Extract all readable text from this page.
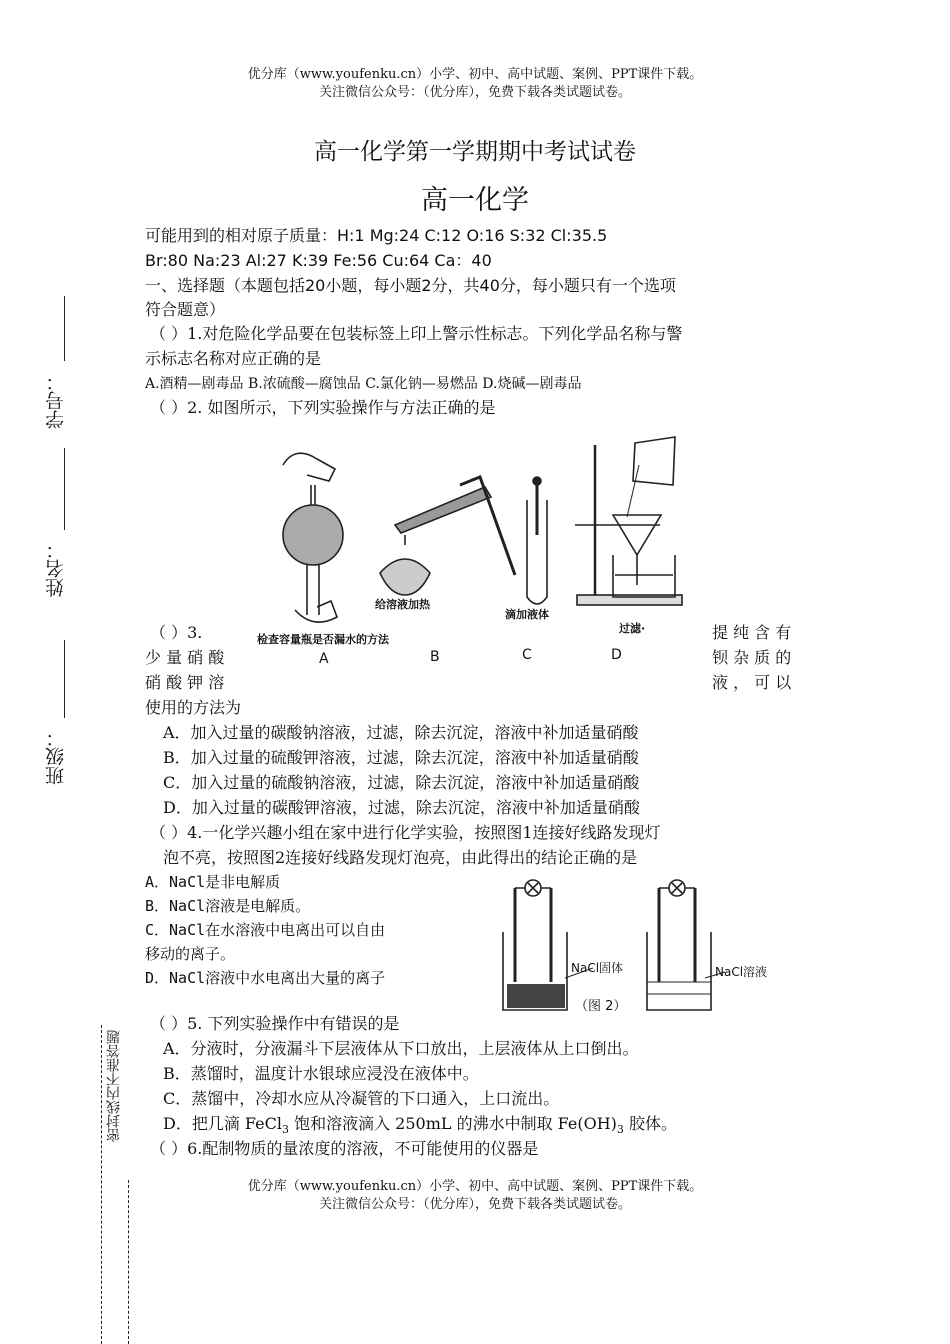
优分库（www.youfenku.cn）小学、初中、高中试题、案例、PPT课件下载。
关注微信公众号：（优分库），免费下载各类试题试卷。
高一化学第一学期期中考试试卷
高一化学
可能用到的相对原子质量：H:1 Mg:24 C:12 O:16 S:32 Cl:35.5
Br:80 Na:23 Al:27 K:39 Fe:56 Cu:64 Ca：40
一、选择题（本题包括20小题，每小题2分，共40分，每小题只有一个选项
符合题意）
学号：
姓名：
班级：
密封线内不准答题
（ ）1.对危险化学品要在包装标签上印上警示性标志。下列化学品名称与警
示标志名称对应正确的是
A.酒精—剧毒品 B.浓硫酸—腐蚀品 C.氯化钠—易燃品 D.烧碱—剧毒品
（ ）2. 如图所示，下列实验操作与方法正确的是
给溶液加热
滴加液体
过滤·
检查容量瓶是否漏水的方法
A	B	C	D
（ ）3.
少 量 硝 酸
硝 酸 钾 溶
提 纯 含 有
钡 杂 质 的
液 ， 可 以
使用的方法为
A．加入过量的碳酸钠溶液，过滤，除去沉淀，溶液中补加适量硝酸
B．加入过量的硫酸钾溶液，过滤，除去沉淀，溶液中补加适量硝酸
C．加入过量的硫酸钠溶液，过滤，除去沉淀，溶液中补加适量硝酸
D．加入过量的碳酸钾溶液，过滤，除去沉淀，溶液中补加适量硝酸
（ ）4.一化学兴趣小组在家中进行化学实验，按照图1连接好线路发现灯
泡不亮，按照图2连接好线路发现灯泡亮，由此得出的结论正确的是
A．NaCl是非电解质
B．NaCl溶液是电解质。
C．NaCl在水溶液中电离出可以自由
移动的离子。
D．NaCl溶液中水电离出大量的离子
NaCl固体	NaCl溶液
（图 2）
（ ）5. 下列实验操作中有错误的是
A．分液时，分液漏斗下层液体从下口放出，上层液体从上口倒出。
B．蒸馏时，温度计水银球应浸没在液体中。
C．蒸馏中，冷却水应从冷凝管的下口通入，上口流出。
D．把几滴 FeCl$_3$ 饱和溶液滴入 250mL 的沸水中制取 $Fe(OH)_3$ 胶体。
（ ）6.配制物质的量浓度的溶液，不可能使用的仪器是
优分库（www.youfenku.cn）小学、初中、高中试题、案例、PPT课件下载。
关注微信公众号：（优分库），免费下载各类试题试卷。
